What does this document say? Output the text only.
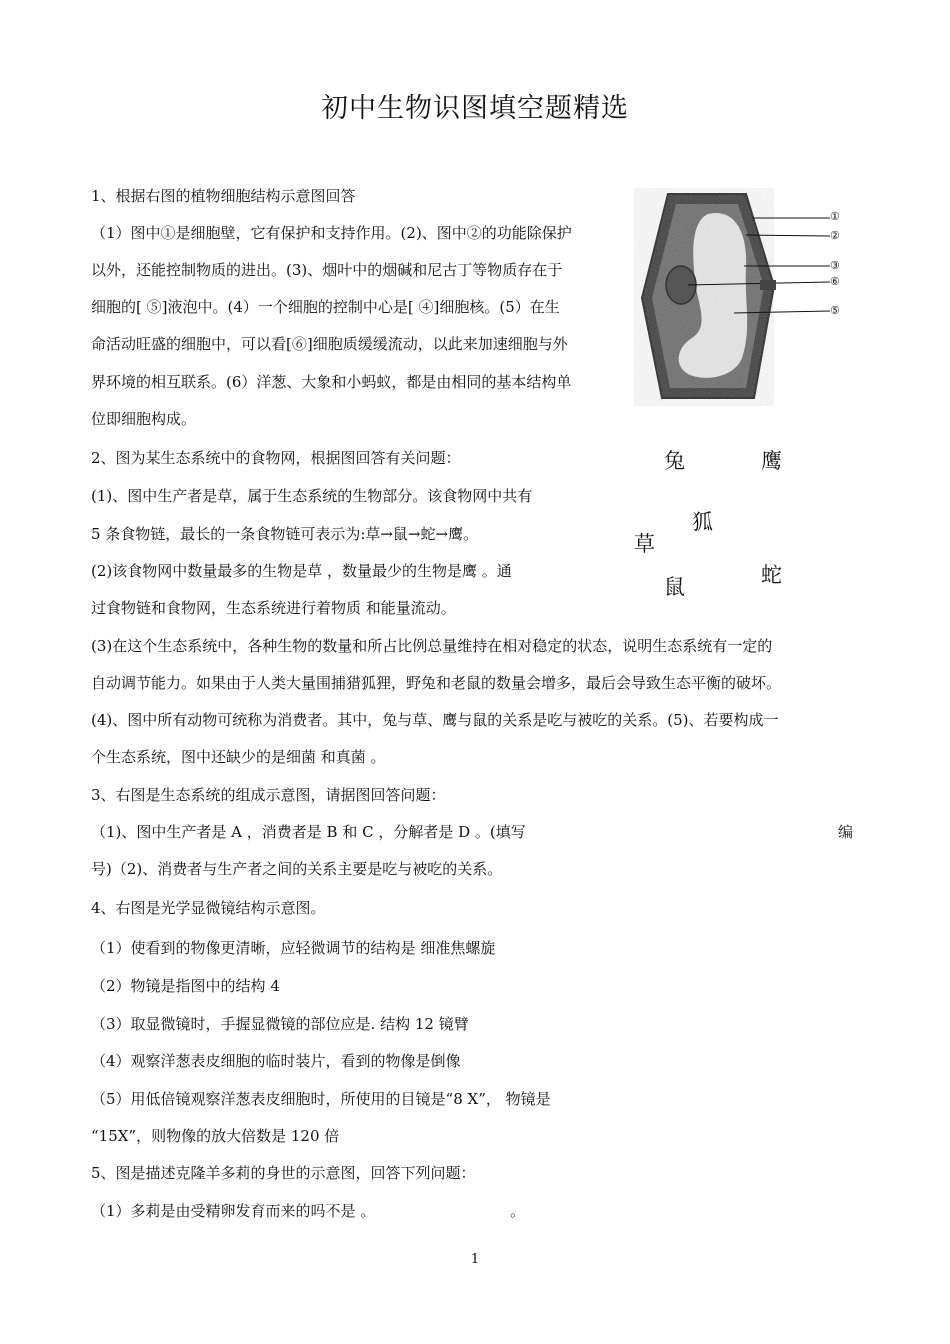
初中生物识图填空题精选
1、根据右图的植物细胞结构示意图回答
（1）图中①是细胞壁，它有保护和支持作用。(2)、图中②的功能除保护
以外，还能控制物质的进出。(3)、烟叶中的烟碱和尼古丁等物质存在于
细胞的[ ⑤]液泡中。(4）一个细胞的控制中心是[ ④]细胞核。(5）在生
命活动旺盛的细胞中，可以看[⑥]细胞质缓缓流动，以此来加速细胞与外
界环境的相互联系。(6）洋葱、大象和小蚂蚁，都是由相同的基本结构单
位即细胞构成。
2、图为某生态系统中的食物网，根据图回答有关问题：
(1)、图中生产者是草，属于生态系统的生物部分。该食物网中共有
5 条食物链，最长的一条食物链可表示为:草→鼠→蛇→鹰。
(2)该食物网中数量最多的生物是草 ，数量最少的生物是鹰 。通
过食物链和食物网，生态系统进行着物质 和能量流动。
(3)在这个生态系统中，各种生物的数量和所占比例总量维持在相对稳定的状态，说明生态系统有一定的
自动调节能力。如果由于人类大量围捕猎狐狸，野兔和老鼠的数量会增多，最后会导致生态平衡的破坏。
(4)、图中所有动物可统称为消费者。其中，兔与草、鹰与鼠的关系是吃与被吃的关系。(5)、若要构成一
个生态系统，图中还缺少的是细菌 和真菌 。
3、右图是生态系统的组成示意图，请据图回答问题：
（1)、图中生产者是 A ，消费者是 B 和 C ，分解者是 D 。(填写	编
号)（2)、消费者与生产者之间的关系主要是吃与被吃的关系。
4、右图是光学显微镜结构示意图。
（1）使看到的物像更清晰，应轻微调节的结构是 细准焦螺旋
（2）物镜是指图中的结构 4
（3）取显微镜时，手握显微镜的部位应是. 结构 12 镜臂
（4）观察洋葱表皮细胞的临时装片，看到的物像是倒像
（5）用低倍镜观察洋葱表皮细胞时，所使用的目镜是“8 X”， 物镜是
“15X”，则物像的放大倍数是 120 倍
5、图是描述克隆羊多莉的身世的示意图，回答下列问题：
（1）多莉是由受精卵发育而来的吗不是 。	。
①
②
③
⑥
⑤
兔	鹰
狐
草
蛇
鼠
1
